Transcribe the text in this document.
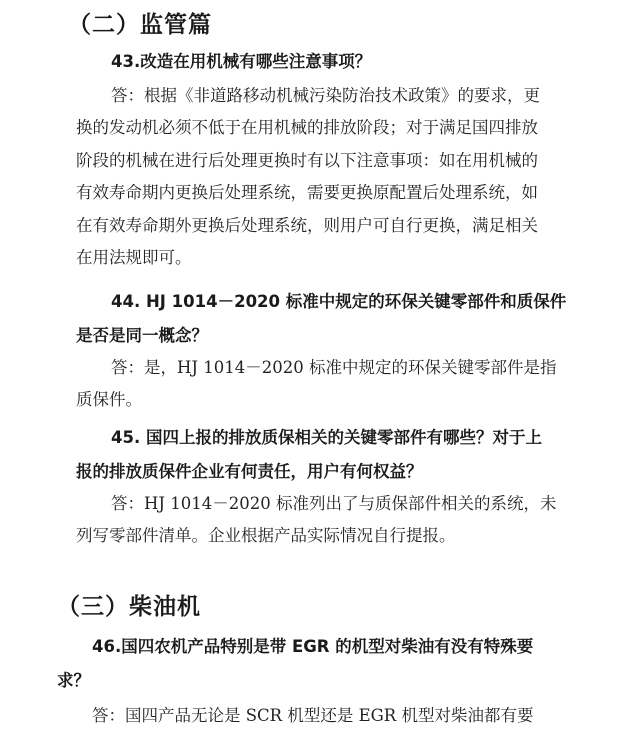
（二）监管篇

43.改造在用机械有哪些注意事项？

答：根据《非道路移动机械污染防治技术政策》的要求，更
换的发动机必须不低于在用机械的排放阶段；对于满足国四排放
阶段的机械在进行后处理更换时有以下注意事项：如在用机械的
有效寿命期内更换后处理系统，需要更换原配置后处理系统，如
在有效寿命期外更换后处理系统，则用户可自行更换，满足相关
在用法规即可。
44. HJ 1014－2020 标准中规定的环保关键零部件和质保件
是否是同一概念？
答：是，HJ 1014－2020 标准中规定的环保关键零部件是指
质保件。
45. 国四上报的排放质保相关的关键零部件有哪些？对于上
报的排放质保件企业有何责任，用户有何权益？
答：HJ 1014－2020 标准列出了与质保部件相关的系统，未
列写零部件清单。企业根据产品实际情况自行提报。
（三）柴油机
46.国四农机产品特别是带 EGR 的机型对柴油有没有特殊要
求？
答：国四产品无论是 SCR 机型还是 EGR 机型对柴油都有要
